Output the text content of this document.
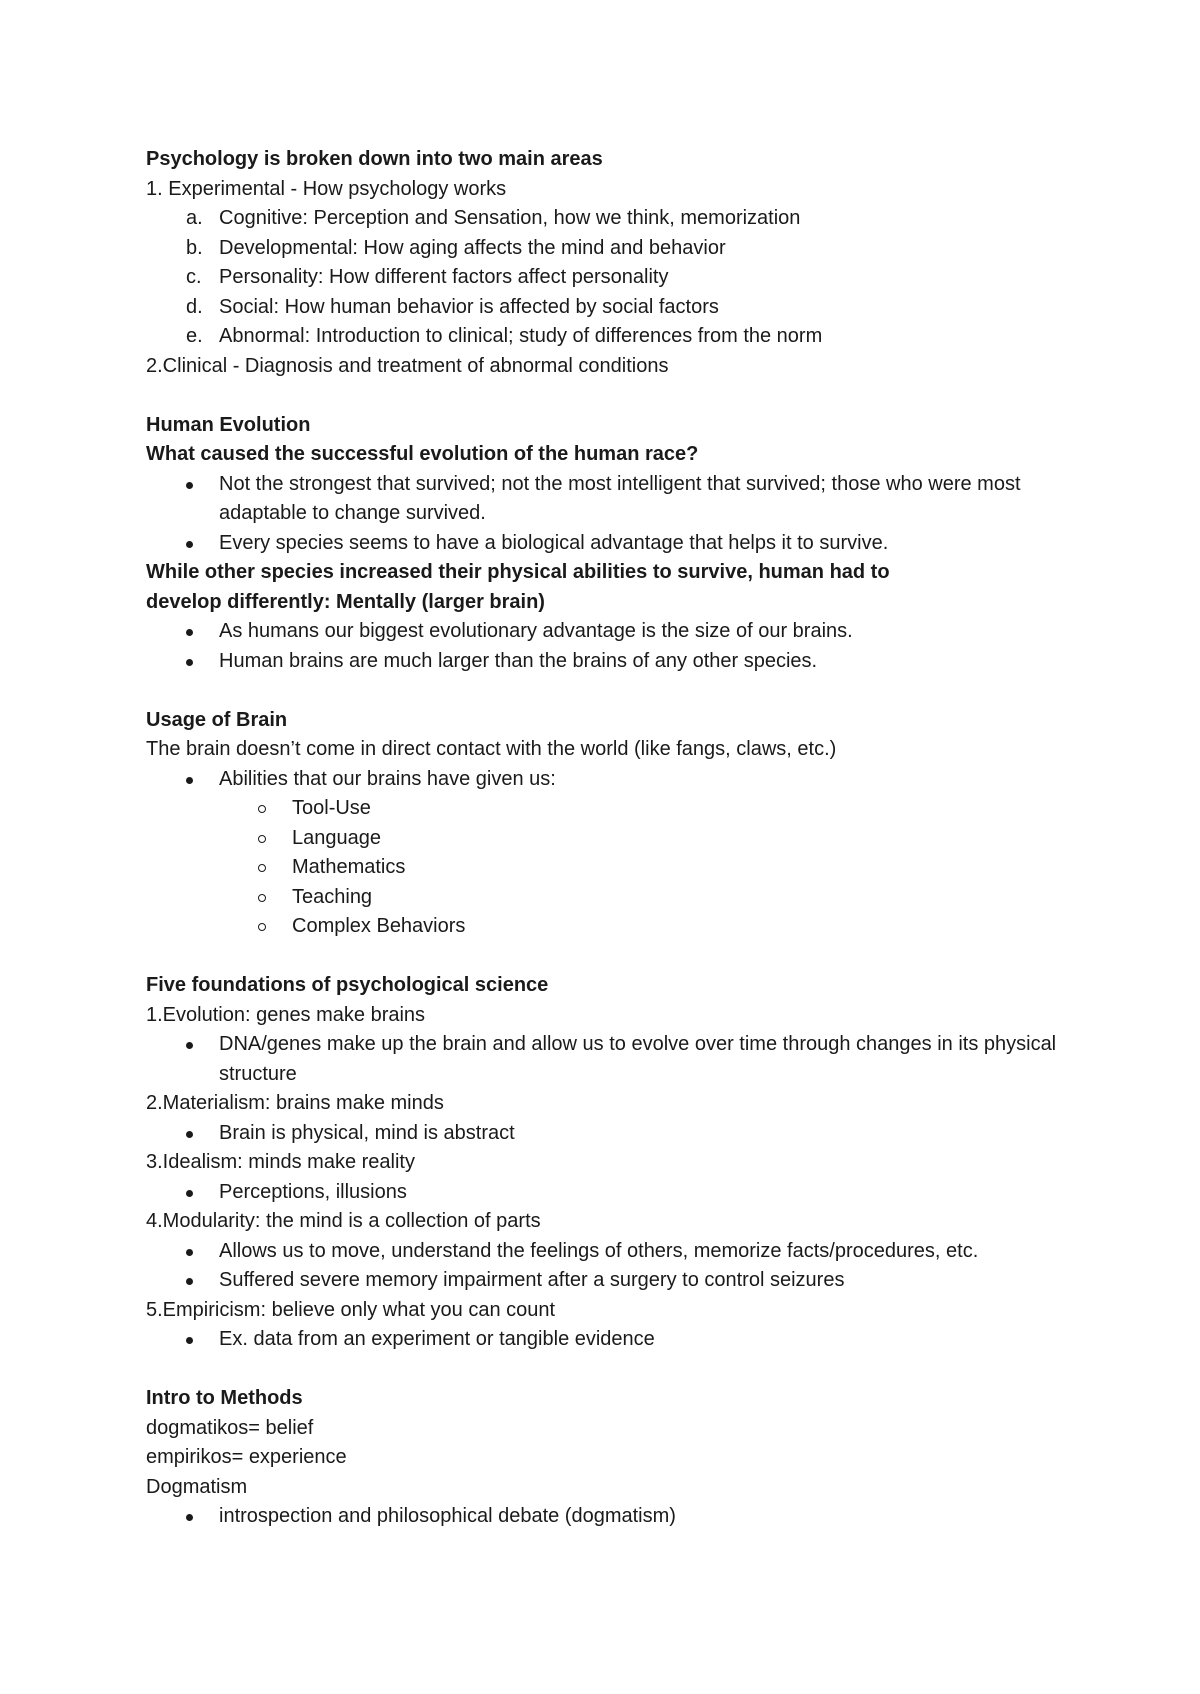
Psychology is broken down into two main areas
1. Experimental - How psychology works
a. Cognitive: Perception and Sensation, how we think, memorization
b. Developmental: How aging affects the mind and behavior
c. Personality: How different factors affect personality
d. Social: How human behavior is affected by social factors
e. Abnormal: Introduction to clinical; study of differences from the norm
2.Clinical - Diagnosis and treatment of abnormal conditions
Human Evolution
What caused the successful evolution of the human race?
Not the strongest that survived; not the most intelligent that survived; those who were most adaptable to change survived.
Every species seems to have a biological advantage that helps it to survive.
While other species increased their physical abilities to survive, human had to develop differently: Mentally (larger brain)
As humans our biggest evolutionary advantage is the size of our brains.
Human brains are much larger than the brains of any other species.
Usage of Brain
The brain doesn’t come in direct contact with the world (like fangs, claws, etc.)
Abilities that our brains have given us:
Tool-Use
Language
Mathematics
Teaching
Complex Behaviors
Five foundations of psychological science
1.Evolution: genes make brains
DNA/genes make up the brain and allow us to evolve over time through changes in its physical structure
2.Materialism: brains make minds
Brain is physical, mind is abstract
3.Idealism: minds make reality
Perceptions, illusions
4.Modularity: the mind is a collection of parts
Allows us to move, understand the feelings of others, memorize facts/procedures, etc.
Suffered severe memory impairment after a surgery to control seizures
5.Empiricism: believe only what you can count
Ex. data from an experiment or tangible evidence
Intro to Methods
dogmatikos= belief
empirikos= experience
Dogmatism
introspection and philosophical debate (dogmatism)
